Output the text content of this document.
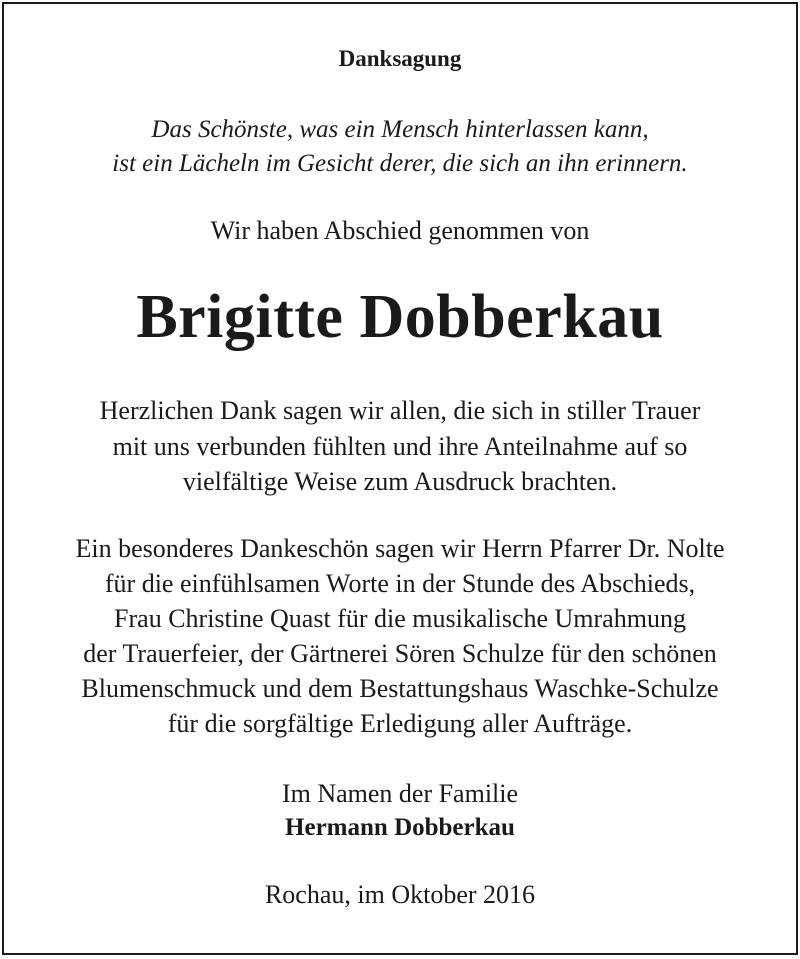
Danksagung
Das Schönste, was ein Mensch hinterlassen kann,
ist ein Lächeln im Gesicht derer, die sich an ihn erinnern.
Wir haben Abschied genommen von
Brigitte Dobberkau
Herzlichen Dank sagen wir allen, die sich in stiller Trauer
mit uns verbunden fühlten und ihre Anteilnahme auf so
vielfältige Weise zum Ausdruck brachten.
Ein besonderes Dankeschön sagen wir Herrn Pfarrer Dr. Nolte
für die einfühlsamen Worte in der Stunde des Abschieds,
Frau Christine Quast für die musikalische Umrahmung
der Trauerfeier, der Gärtnerei Sören Schulze für den schönen
Blumenschmuck und dem Bestattungshaus Waschke-Schulze
für die sorgfältige Erledigung aller Aufträge.
Im Namen der Familie
Hermann Dobberkau
Rochau, im Oktober 2016
